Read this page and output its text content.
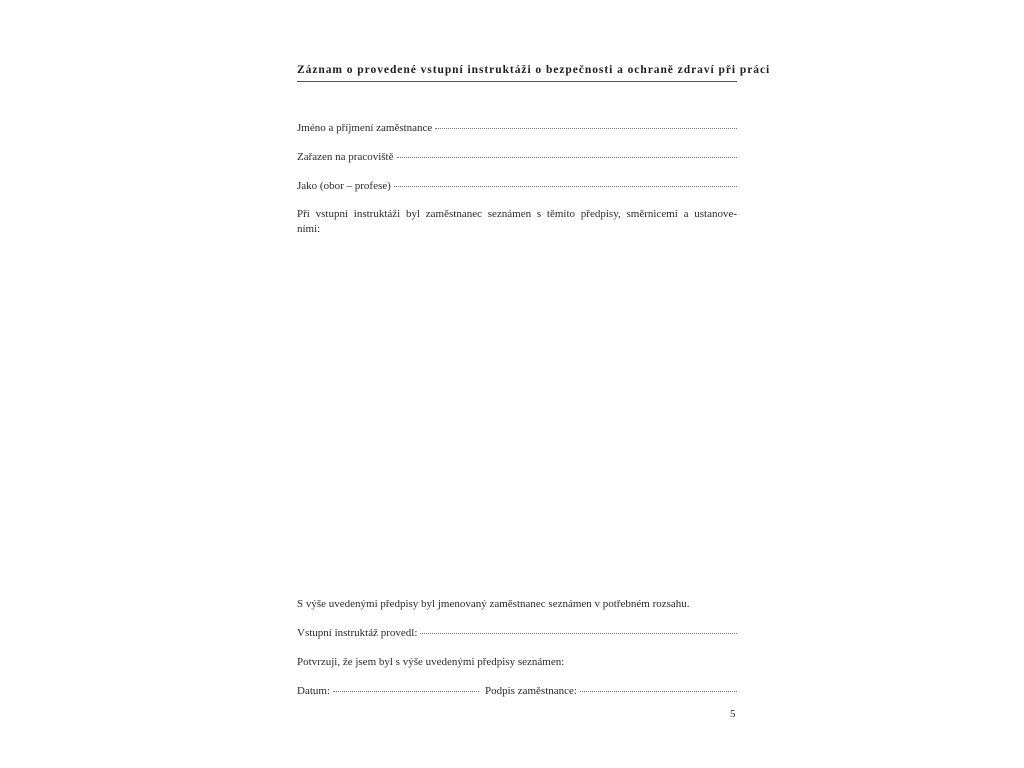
Záznam o provedené vstupní instruktáži o bezpečnosti a ochraně zdraví při práci
Jméno a příjmení zaměstnance
Zařazen na pracoviště
Jako (obor – profese)
Při vstupní instruktáži byl zaměstnanec seznámen s těmito předpisy, směrnicemi a ustanove-
ními:
S výše uvedenými předpisy byl jmenovaný zaměstnanec seznámen v potřebném rozsahu.
Vstupní instruktáž provedl:
Potvrzuji, že jsem byl s výše uvedenými předpisy seznámen:
Datum:	Podpis zaměstnance:
5
